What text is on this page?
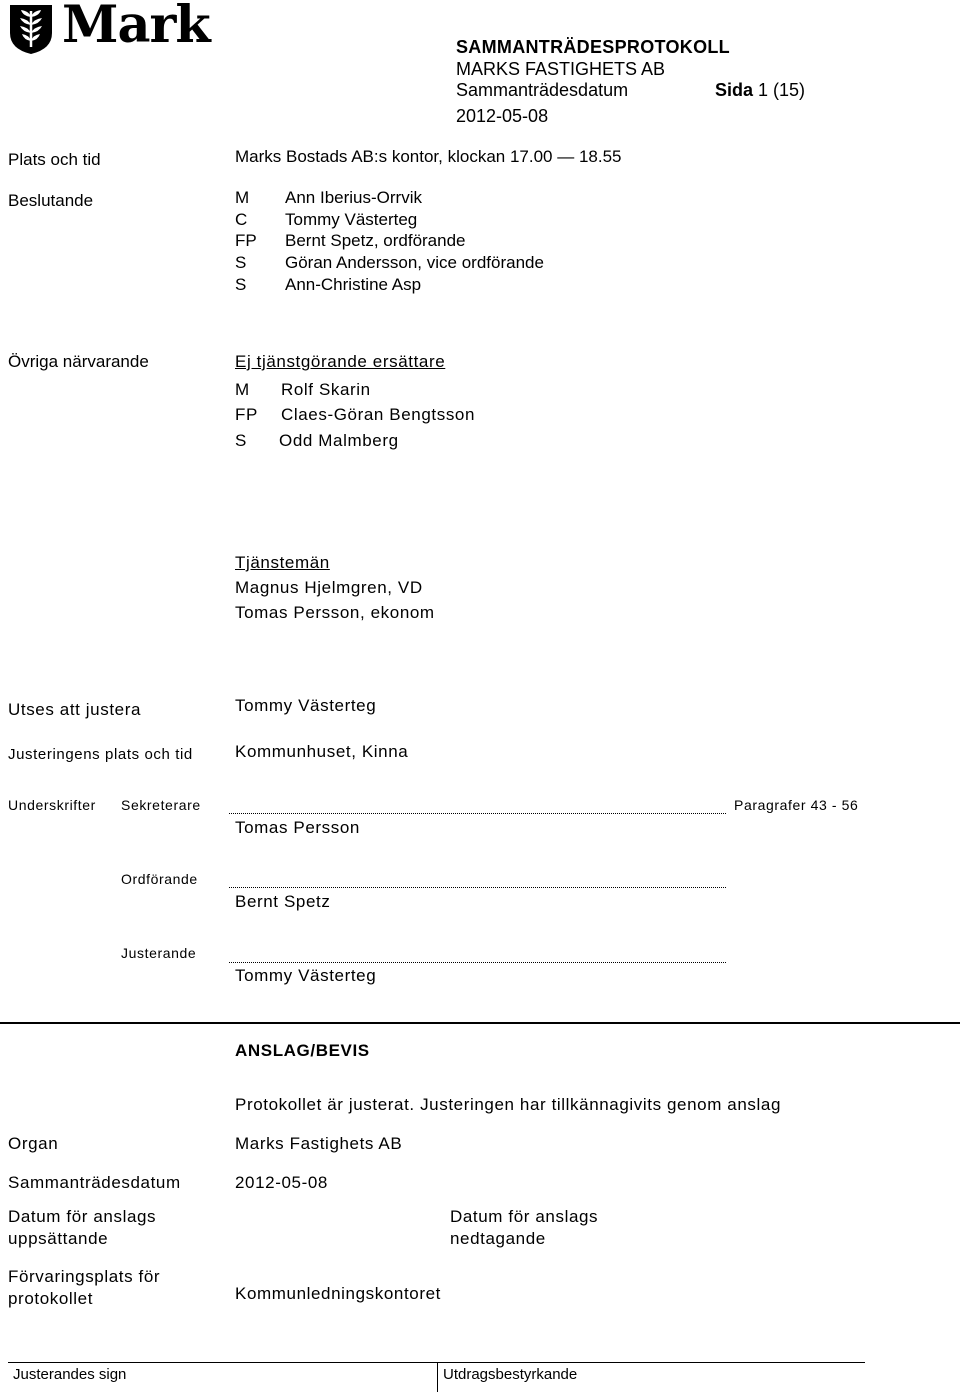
Mark	SAMMANTRÄDESPROTOKOLL
MARKS FASTIGHETS AB
Sammanträdesdatum	Sida 1 (15)
2012-05-08
Plats och tid	Marks Bostads AB:s kontor, klockan 17.00 — 18.55
Beslutande	M Ann Iberius-Orrvik
C Tommy Västerteg
FP Bernt Spetz, ordförande
S Göran Andersson, vice ordförande
S Ann-Christine Asp
Övriga närvarande	Ej tjänstgörande ersättare
M Rolf Skarin
FP Claes-Göran Bengtsson
S Odd Malmberg
Tjänstemän
Magnus Hjelmgren, VD
Tomas Persson, ekonom
Utses att justera	Tommy Västerteg
Justeringens plats och tid Kommunhuset, Kinna
Underskrifter Sekreterare	Paragrafer 43 - 56
Tomas Persson
Ordförande
Bernt Spetz
Justerande
Tommy Västerteg
ANSLAG/BEVIS
Protokollet är justerat. Justeringen har tillkännagivits genom anslag
Organ	Marks Fastighets AB
Sammanträdesdatum	2012-05-08
Datum för anslags
uppsättande
Datum för anslags
nedtagande
Förvaringsplats för
protokollet	Kommunledningskontoret
Justerandes sign	Utdragsbestyrkande
